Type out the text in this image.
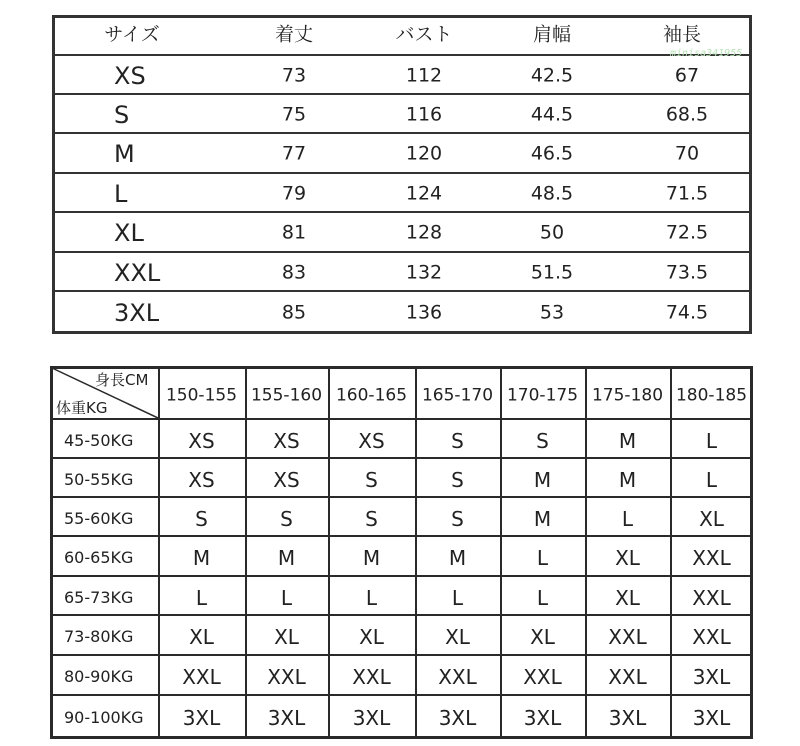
サイズ	着丈	バスト	肩幅	袖長
XS	73	112	42.5	67
S	75	116	44.5	68.5
M	77	120	46.5	70
L	79	124	48.5	71.5
XL	81	128	50	72.5
XXL	83	132	51.5	73.5
3XL	85	136	53	74.5
minisa341955
身長CM
体重KG
150-155 155-160 160-165 165-170 170-175 175-180 180-185
45-50KG	XS	XS	XS	S	S	M	L
50-55KG	XS	XS	S	S	M	M	L
55-60KG	S	S	S	S	M	L	XL
60-65KG	M	M	M	M	L	XL	XXL
65-73KG	L	L	L	L	L	XL	XXL
73-80KG	XL	XL	XL	XL	XL	XXL XXL
80-90KG XXL XXL XXL XXL XXL XXL 3XL
90-100KG 3XL 3XL 3XL 3XL 3XL 3XL 3XL
